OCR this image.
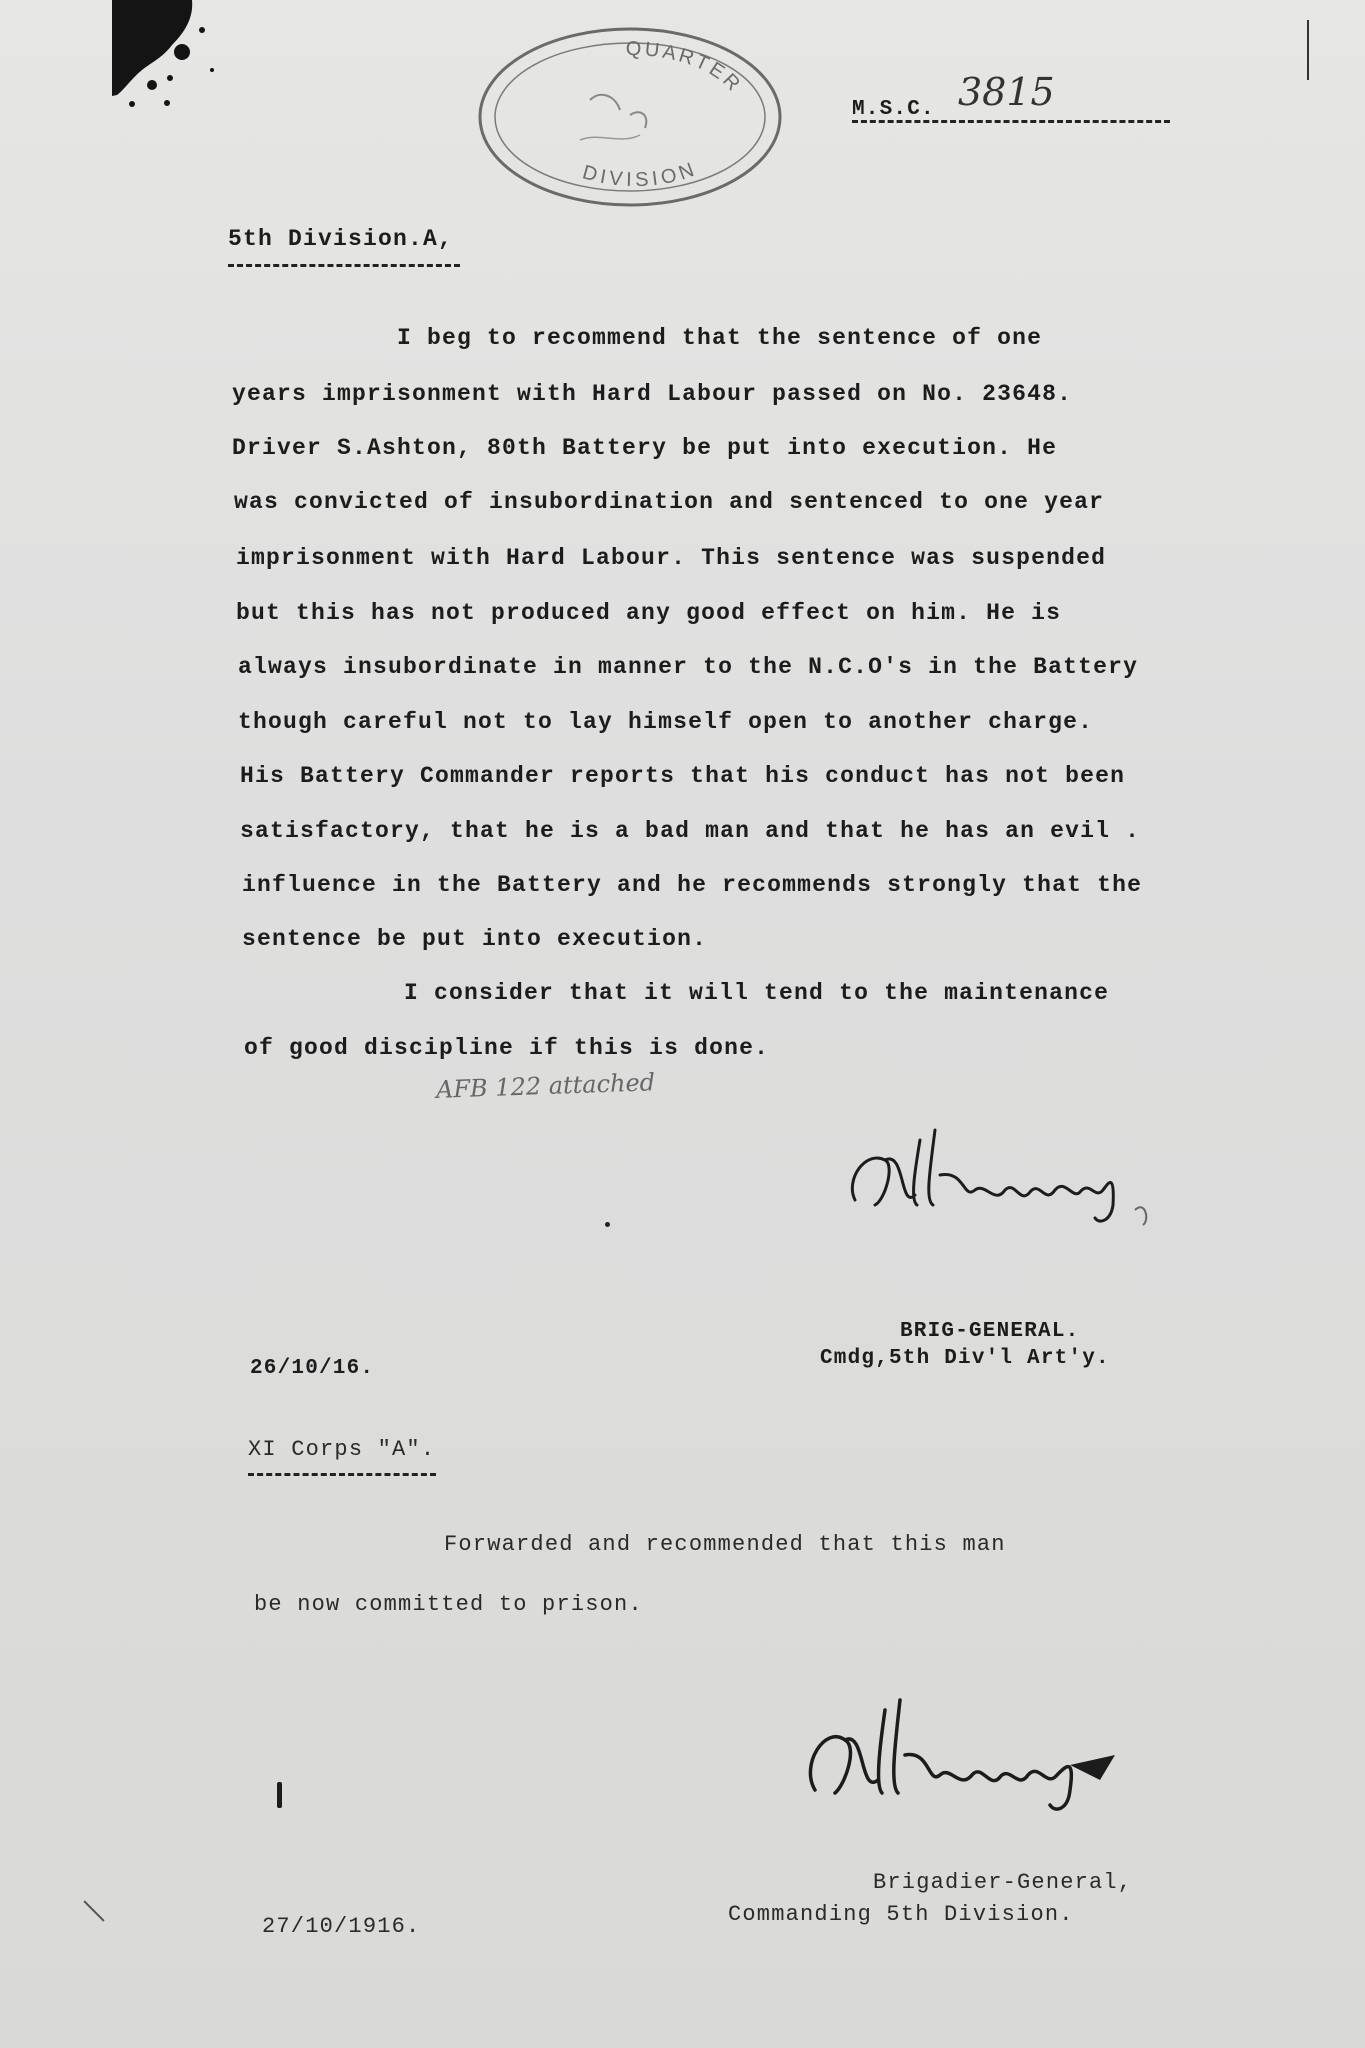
QUARTER
DIVISION
M.S.C. 3815
5th Division.A,
I beg to recommend that the sentence of one
years imprisonment with Hard Labour passed on No. 23648.
Driver S.Ashton, 80th Battery be put into execution. He
was convicted of insubordination and sentenced to one year
imprisonment with Hard Labour. This sentence was suspended
but this has not produced any good effect on him. He is
always insubordinate in manner to the N.C.O's in the Battery
though careful not to lay himself open to another charge.
His Battery Commander reports that his conduct has not been
satisfactory, that he is a bad man and that he has an evil .
influence in the Battery and he recommends strongly that the
sentence be put into execution.
I consider that it will tend to the maintenance
of good discipline if this is done.
AFB 122 attached
BRIG-GENERAL.
Cmdg,5th Div'l Art'y.
26/10/16.
XI Corps "A".
Forwarded and recommended that this man
be now committed to prison.
Brigadier-General,
Commanding 5th Division.
27/10/1916.
